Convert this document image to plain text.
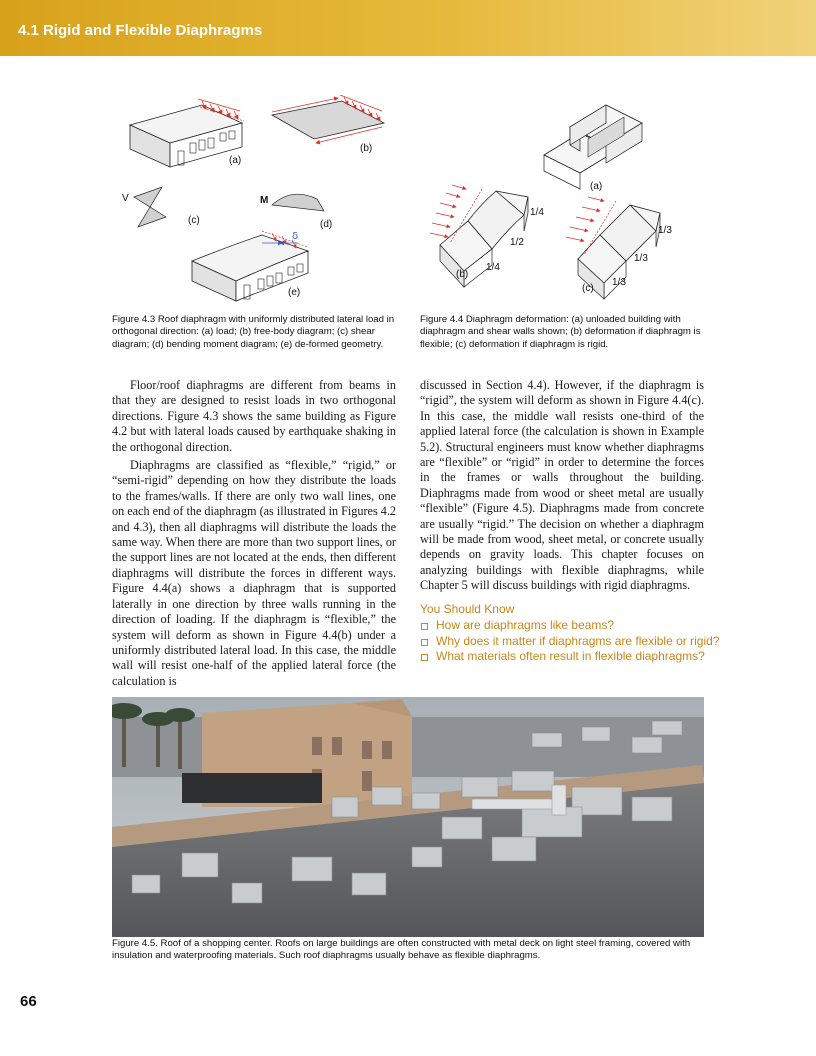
4.1 Rigid and Flexible Diaphragms
(a)
(b)
V
(c)
M
(d)
δ
(e)
Figure 4.3 Roof diaphragm with uniformly distributed lateral load in orthogonal direction: (a) load; (b) free-body diagram; (c) shear diagram; (d) bending moment diagram; (e) de-formed geometry.
(a)
1/4
1/2
1/4
(b)
1/3
1/3
1/3
(c)
Figure 4.4 Diaphragm deformation: (a) unloaded building with diaphragm and shear walls shown; (b) deformation if diaphragm is flexible; (c) deformation if diaphragm is rigid.

Floor/roof diaphragms are different from beams in that they are designed to resist loads in two orthogonal directions. Figure 4.3 shows the same building as Figure 4.2 but with lateral loads caused by earthquake shaking in the orthogonal direction.

Diaphragms are classified as “flexible,” “rigid,” or “semi-rigid” depending on how they distribute the loads to the frames/walls. If there are only two wall lines, one on each end of the diaphragm (as illustrated in Figures 4.2 and 4.3), then all diaphragms will distribute the loads the same way. When there are more than two support lines, or the support lines are not located at the ends, then different diaphragms will distribute the forces in different ways. Figure 4.4(a) shows a diaphragm that is supported laterally in one direction by three walls running in the direction of loading. If the diaphragm is “flexible,” the system will deform as shown in Figure 4.4(b) under a uniformly distributed lateral load. In this case, the middle wall will resist one-half of the applied lateral force (the calculation is

discussed in Section 4.4). However, if the diaphragm is “rigid”, the system will deform as shown in Figure 4.4(c). In this case, the middle wall resists one-third of the applied lateral force (the calculation is shown in Example 5.2). Structural engineers must know whether diaphragms are “flexible” or “rigid” in order to determine the forces in the frames or walls throughout the building. Diaphragms made from wood or sheet metal are usually “flexible” (Figure 4.5). Diaphragms made from concrete are usually “rigid.” The decision on whether a diaphragm will be made from wood, sheet metal, or concrete usually depends on gravity loads. This chapter focuses on analyzing buildings with flexible diaphragms, while Chapter 5 will discuss buildings with rigid diaphragms.

You Should Know
How are diaphragms like beams?
Why does it matter if diaphragms are flexible or rigid?
What materials often result in flexible diaphragms?
Figure 4.5. Roof of a shopping center. Roofs on large buildings are often constructed with metal deck on light steel framing, covered with insulation and waterproofing materials. Such roof diaphragms usually behave as flexible diaphragms.
66
